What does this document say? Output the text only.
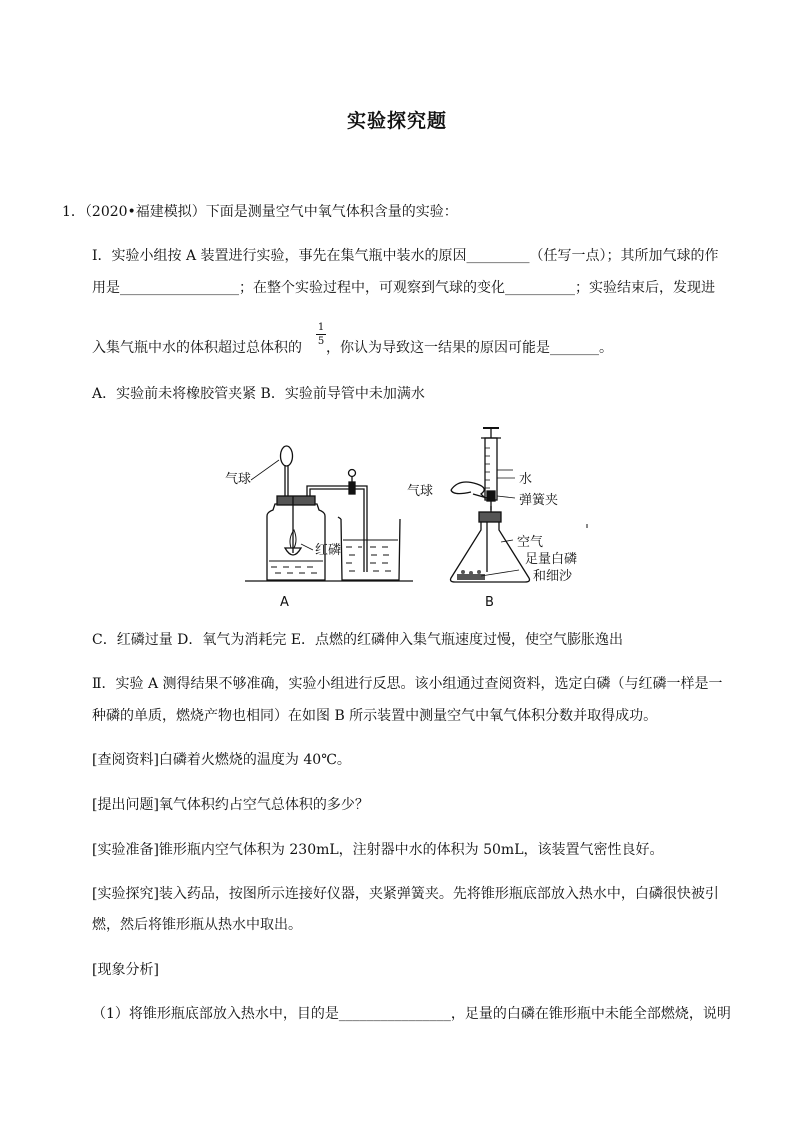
实验探究题
1．（2020•福建模拟）下面是测量空气中氧气体积含量的实验：
Ⅰ．实验小组按 A 装置进行实验，事先在集气瓶中装水的原因_________（任写一点）；其所加气球的作
用是_________________；在整个实验过程中，可观察到气球的变化__________；实验结束后，发现进
入集气瓶中水的体积超过总体积的
1
5 ，你认为导致这一结果的原因可能是_______。
A．实验前未将橡胶管夹紧 B．实验前导管中未加满水
气球
红磷
A
气球
水
弹簧夹
空气
足量白磷
和细沙
B
C．红磷过量 D．氧气为消耗完 E．点燃的红磷伸入集气瓶速度过慢，使空气膨胀逸出
Ⅱ．实验 A 测得结果不够准确，实验小组进行反思。该小组通过查阅资料，选定白磷（与红磷一样是一
种磷的单质，燃烧产物也相同）在如图 B 所示装置中测量空气中氧气体积分数并取得成功。
[查阅资料]白磷着火燃烧的温度为 40℃。
[提出问题]氧气体积约占空气总体积的多少？
[实验准备]锥形瓶内空气体积为 230mL，注射器中水的体积为 50mL，该装置气密性良好。
[实验探究]装入药品，按图所示连接好仪器，夹紧弹簧夹。先将锥形瓶底部放入热水中，白磷很快被引
燃，然后将锥形瓶从热水中取出。
[现象分析]
（1）将锥形瓶底部放入热水中，目的是________________，足量的白磷在锥形瓶中未能全部燃烧，说明
